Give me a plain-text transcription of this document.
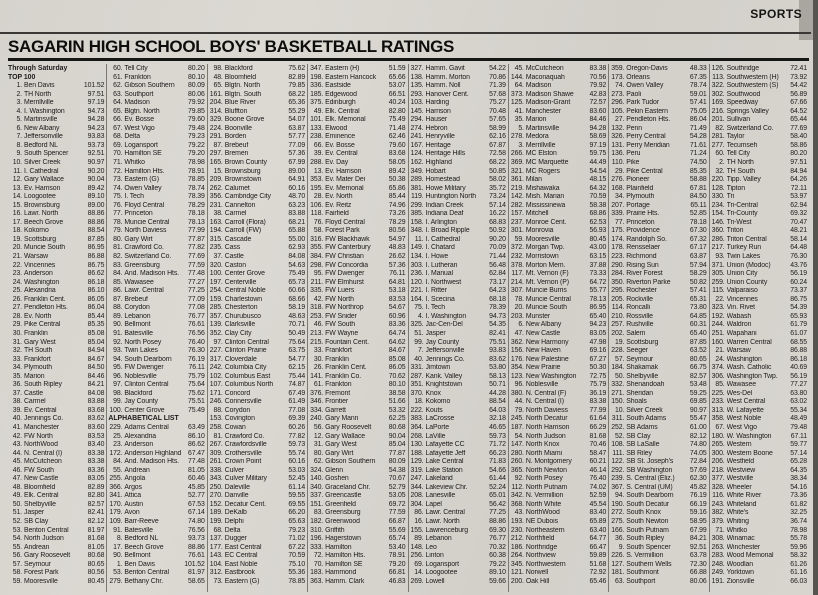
SPORTS
SAGARIN HIGH SCHOOL BOYS' BASKETBALL RATINGS
Through Saturday
TOP 100
1. Ben Davis	101.52
2. TH North	97.51
3. Merrillville	97.19
4. I. Washington	94.73
5. Martinsville	94.28
6. New Albany	94.23
7. Jeffersonville	93.83
8. Bedford NL	93.73
9. South Spencer	92.51
10. Silver Creek	90.97
11. I. Cathedral	90.20
12. Gary Wallace	90.04
13. Ev. Harrison	89.42
14. Loogootee	89.10
15. Brownsburg	89.00
16. Lawr. North	88.86
17. Beech Grove	88.86
18. Kokomo	88.54
19. Scottsburg	87.85
20. Muncie South	86.95
21. Warsaw	86.88
22. Vincennes	86.75
23. Anderson	86.62
24. Washington	86.18
25. Alexandria	86.10
26. Franklin Cent.	86.05
27. Pendleton Hts.	86.04
28. Ev. North	85.44
29. Pike Central	85.35
30. Franklin	85.08
31. Gary West	85.04
32. TH South	84.94
33. Frankfort	84.67
34. Plymouth	84.50
35. Marion	84.46
36. South Ripley	84.21
37. Castle	84.08
38. Carmel	83.88
39. Ev. Central	83.68
40. Jennings Co.	83.62
41. Manchester	83.60
42. FW North	83.53
43. NorthWood	83.40
44. N. Central (I)	83.38
45. McCutcheon	83.38
46. FW South	83.36
47. New Castle	83.05
48. Bloomfield	82.89
49. Elk. Central	82.80
50. Shelbyville	82.57
51. Jasper	82.41
52. SB Clay	82.12
53. Benton Central	81.97
54. North Judson	81.68
55. Andrean	81.05
56. Gary Roosevelt	80.68
57. Seymour	80.65
58. Forest Park	80.56
59. Mooresville	80.45
60. Tell City	80.20
61. Frankton	80.10
62. Gibson Southern	80.09
63. Southport	80.06
64. Madison	79.92
65. Blgtn. North	79.85
66. Ev. Bosse	79.60
67. West Vigo	79.48
68. Delta	79.23
69. Logansport	79.22
70. Hamilton SE	79.20
71. Whitko	78.98
72. Hamilton Hts.	78.91
73. Eastern (G)	78.85
74. Owen Valley	78.74
75. I. Tech	78.39
76. Floyd Central	78.29
77. Princeton	78.18
78. Muncie Central	78.13
79. North Daviess	77.99
80. Gary Wirt	77.87
81. Crawford Co.	77.82
82. Switzerland Co.	77.69
83. Greensburg	77.59
84. And. Madison Hts.	77.48
85. Wawasee	77.27
86. Lawr. Central	77.25
87. Brebeuf	77.09
88. Corydon	77.08
89. Lebanon	76.77
90. Bellmont	76.61
91. Batesville	76.56
92. North Posey	76.40
93. Twin Lakes	76.30
94. South Dearborn	76.19
95. FW Dwenger	76.11
96. Noblesville	75.79
97. Clinton Central	75.64
98. Blackford	75.62
99. Jay County	75.51
100. Center Grove	75.49
ALPHABETICAL LIST
229. Adams Central	63.49
25. Alexandria	86.10
23. Anderson	86.62
172. Anderson Highland 67.47
84. And. Madison Hts.	77.48
55. Andrean	81.05
255. Angola	60.46
366. Argos	45.85
341. Attica	52.77
170. Austin	67.53
179. Avon	67.14
109. Barr-Reeve	74.80
91. Batesville	76.56
8. Bedford NL	93.73
17. Beech Grove	88.86
90. Bellmont	76.61
1. Ben Davis	101.52
53. Benton Central	81.97
279. Bethany Chr.	58.65
98. Blackford	75.62
48. Bloomfield	82.89
65. Blgtn. North	79.85
161. Blgtn. South	68.22
204. Blue River	65.36
314. Bluffton	55.29
329. Boone Grove	54.07
224. Boonville	63.87
291. Borden	57.77
87. Brebeuf	77.09
297. Bremen	57.36
165. Brown County	67.99
15. Brownsburg	89.00
209. Brownstown	64.91
262. Calumet	60.16
356. Cambridge City	48.70
231. Cannelton	63.23
38. Carmel	83.88
163. Carroll (Flora)	68.21
194. Carroll (FW)	65.88
315. Cascade	55.00
235. Cass	62.93
37. Castle	84.08
320. Caston	54.63
100. Center Grove	75.49
197. Centerville	65.73
254. Central Noble	60.66
159. Charlestown	68.66
285. Chesterton	58.19
357. Churubusco	48.63
139. Clarksville	70.71
352. Clay City	50.49
97. Clinton Central	75.64
227. Clinton Prairie	63.75
317. Cloverdale	54.77
242. Columbia City	62.15
102. Columbus East	75.44
107. Columbus North	74.87
171. Concord	67.49
246. Connersville	61.49
88. Corydon	77.08
153. Covington	69.39
258. Cowan	60.26
81. Crawford Co.	77.82
267. Crawfordsville	59.73
309. Crothersville	55.74
261. Crown Point	60.16
338. Culver	53.03
343. Culver Military	52.45
250. Daleville	61.14
270. Danville	59.55
152. Decatur Cent.	69.55
189. DeKalb	66.20
199. Delphi	65.63
68. Delta	79.23
137. Dugger	71.02
177. East Central	67.22
143. EC Central	70.59
104. East Noble	75.10
312. Eastbrook	55.36
73. Eastern (G)	78.85
347. Eastern (H)	51.59
198. Eastern Hancock	65.66
336. Eastside	53.07
185. Edgewood	66.51
375. Edinburgh	40.24
49. Elk. Central	82.80
101. Elk. Memorial	75.49
133. Elwood	71.48
238. Eminence	62.46
66. Ev. Bosse	79.60
39. Ev. Central	83.68
288. Ev. Day	58.05
13. Ev. Harrison	89.42
353. Ev. Mater Dei	50.38
195. Ev. Memorial	65.86
28. Ev. North	85.44
106. Ev. Reitz	74.96
118. Fairfield	73.26
76. Floyd Central	78.29
58. Forest Park	80.56
316. FW Blackhawk	54.97
355. FW Canterbury	48.83
384. FW Christian	26.62
298. FW Concordia	57.36
95. FW Dwenger	76.11
211. FW Elmhurst	64.81
335. FW Luers	53.18
42. FW North	83.53
318. FW Northrop	54.67
253. FW Snider	60.96
46. FW South	83.36
213. FW Wayne	64.74
215. Fountain Cent.	64.62
33. Frankfort	84.67
30. Franklin	85.08
26. Franklin Cent.	86.05
141. Franklin Co.	70.62
61. Frankton	80.10
376. Fremont	38.58
346. Frontier	51.66
334. Garrett	53.32
240. Gary Mann	62.25
56. Gary Roosevelt	80.68
12. Gary Wallace	90.04
31. Gary West	85.04
80. Gary Wirt	77.87
62. Gibson Southern	80.09
324. Glenn	54.38
140. Goshen	70.67
340. Graceland Chr.	52.79
337. Greencastle	53.05
151. Greenfield	69.72
83. Greensburg	77.59
182. Greenwood	66.87
310. Griffith	55.69
196. Hagerstown	65.74
333. Hamilton	53.40
72. Hamilton Hts.	78.91
70. Hamilton SE	79.20
183. Hammond	66.81
363. Hamm. Clark	46.83
327. Hamm. Gavit	54.22
138. Hamm. Morton	70.86
135. Hamm. Noll	71.39
293. Hanover Cent.	57.68
103. Harding	75.27
145. Harrison	70.48
294. Hauser	57.65
274. Hebron	58.99
241. Henryville	62.16
167. Heritage	67.87
124. Heritage Hills	72.58
162. Highland	68.22
349. Hobart	50.85
289. Homestead	58.02
381. Howe Military	35.72
119. Huntington North	73.24
299. Indian Creek	57.14
385. Indiana Deaf	16.22
158. I. Arlington	68.83
348. I. Broad Ripple	50.92
11. I. Cathedral	90.20
149. I. Chatard	70.09
134. I. Howe	71.44
303. I. Lutheran	56.48
236. I. Manual	62.84
120. I. Northwest	73.17
221. I. Ritter	64.23
164. I. Scecina	68.18
75. I. Tech	78.39
4. I. Washington	94.73
325. Jac-Cen-Del	54.35
51. Jasper	82.41
99. Jay County	75.51
7. Jeffersonville	93.83
40. Jennings Co.	83.62
331. Jimtown	53.80
287. Kank. Valley	58.13
351. Knightstown	50.71
370. Knox	44.28
18. Kokomo	88.54
222. Kouts	64.03
383. LaCrosse	32.18
364. LaPorte	46.65
268. LaVille	59.73
130. Lafayette CC	71.72
188. Lafayette Jeff	66.23
129. Lake Central	71.83
319. Lake Station	54.66
247. Lakeland	61.44
344. Lakeview Chr.	52.24
208. Lanesville	65.01
304. Lapel	56.42
86. Lawr. Central	77.25
16. Lawr. North	88.86
155. Lawrenceburg	69.30
89. Lebanon	76.77
148. Leo	70.32
256. Linton	60.38
69. Logansport	79.22
14. Loogootee	89.10
269. Lowell	59.66
45. McCutcheon	83.38
144. Maconaquah	70.56
64. Madison	79.92
373. Madison Shawe	42.83
125. Madison-Grant	72.57
41. Manchester	83.60
35. Marion	84.46
5. Martinsville	94.28
278. Medora	58.69
3. Merrillville	97.19
266. MC Elston	59.75
369. MC Marquette	44.49
321. MC Rogers	54.54
361. Milan	48.15
219. Mishawaka	64.32
142. Mish. Marian	70.59
282. Mississinewa	58.38
157. Mitchell	68.86
237. Monroe Cent.	62.53
301. Monrovia	56.93
59. Mooresville	80.45
372. Morgan Twp.	43.00
232. Morristown	63.15
378. Morton Mem.	37.88
117. Mt. Vernon (F)	73.33
214. Mt. Vernon (P)	64.72
307. Muncie Burris	55.77
78. Muncie Central	78.13
20. Muncie South	86.95
203. Munster	65.40
6. New Albany	94.23
47. New Castle	83.05
362. New Harmony	47.98
156. New Haven	69.16
176. New Palestine	67.27
354. New Prairie	50.30
123. New Washington	72.75
96. Noblesville	75.79
380. N. Central (F)	36.19
44. N. Central (I)	83.38
79. North Daviess	77.99
245. North Decatur	61.64
187. North Harrison	66.29
54. North Judson	81.68
147. North Knox	70.46
280. North Miami	58.47
260. N. Montgomery	60.21
365. North Newton	46.14
92. North Posey	76.40
112. North Putnam	74.02
342. N. Vermillion	52.59
368. North White	45.54
43. NorthWood	83.40
193. NE Dubois	65.89
230. Northeastern	63.40
212. Northfield	64.77
186. Northridge	66.47
264. Northview	59.89
345. Northwestern	51.68
121. Norwell	72.92
200. Oak Hill	65.46
359. Oregon-Davis	48.33
173. Orleans	67.35
74. Owen Valley	78.74
273. Paoli	59.01
296. Park Tudor	57.41
105. Pekin Eastern	75.05
27. Pendleton Hts.	86.04
132. Penn	71.49
326. Perry Central	54.28
131. Perry Meridian	71.61
136. Peru	71.24
110. Pike	74.50
29. Pike Central	85.35
276. Pioneer	58.88
168. Plainfield	67.81
34. Plymouth	84.50
207. Portage	65.11
339. Prairie Hts.	52.85
77. Princeton	78.18
175. Providence	67.30
174. Randolph So.	67.32
178. Rensselaer	67.17
223. Richmond	63.87
290. Rising Sun	57.94
284. River Forest	58.29
350. Riverton Parke	50.82
295. Rochester	57.41
205. Rockville	65.31
114. Roncalli	73.80
210. Rossville	64.85
257. Rushville	60.31
202. Salem	65.40
19. Scottsburg	87.85
228. Seeger	63.52
57. Seymour	80.65
184. Shakamak	66.75
50. Shelbyville	82.57
332. Shenandoah	53.48
271. Sheridan	59.25
150. Shoals	69.85
10. Silver Creek	90.97
311. South Adams	55.47
252. SB Adams	61.00
52. SB Clay	82.12
108. SB LaSalle	74.80
111. SB Riley	74.05
122. SB St. Joseph's	72.84
292. SB Washington	57.69
239. S. Central (Eliz.)	62.30
367. S. Central (UM)	45.82
94. South Dearborn	76.19
190. South Decatur	66.19
272. South Knox	59.16
275. South Newton	58.95
166. South Putnam	67.99
36. South Ripley	84.21
9. South Spencer	92.51
226. S. Vermillion	63.78
127. Southern Wells	72.30
181. Southmont	66.88
63. Southport	80.06
126. Southridge	72.41
113. Southwestern (H)	73.92
322. Southwestern (S)	54.42
302. Southwood	56.89
169. Speedway	67.66
216. Springs Valley	64.52
201. Sullivan	65.44
82. Switzerland Co.	77.69
281. Taylor	58.40
277. Tecumseh	58.86
60. Tell City	80.20
2. TH North	97.51
32. TH South	84.94
220. Tipp. Valley	64.26
128. Tipton	72.11
330. Tri	53.97
234. Tri-Central	62.94
154. Tri-County	69.32
146. Tri-West	70.47
360. Triton	48.21
286. Triton Central	58.14
217. Turkey Run	64.48
93. Twin Lakes	76.30
371. Union (Modoc)	43.76
305. Union City	56.19
259. Union County	60.24
115. Valparaiso	73.37
22. Vincennes	86.75
323. Vin. Rivet	54.39
192. Wabash	65.93
244. Waldron	61.79
251. Wapahani	61.07
160. Warren Central	68.55
21. Warsaw	86.88
24. Washington	86.18
374. Wash. Catholic	40.69
306. Washington Twp.	56.19
85. Wawasee	77.27
225. Wes-Del	63.80
233. West Central	63.02
313. W. Lafayette	55.34
358. West Noble	48.49
67. West Vigo	79.48
180. W. Washington	67.11
265. Western	59.77
300. Western Boone	57.14
206. Westfield	65.28
218. Westview	64.35
377. Westville	38.34
328. Wheeler	54.16
116. White River	73.36
243. Whiteland	61.82
382. White's	32.25
379. Whiting	36.74
71. Whitko	78.98
308. Winamac	55.78
263. Winchester	59.96
283. Wood Memorial	58.32
248. Woodlan	61.26
249. Yorktown	61.16
191. Zionsville	66.03
